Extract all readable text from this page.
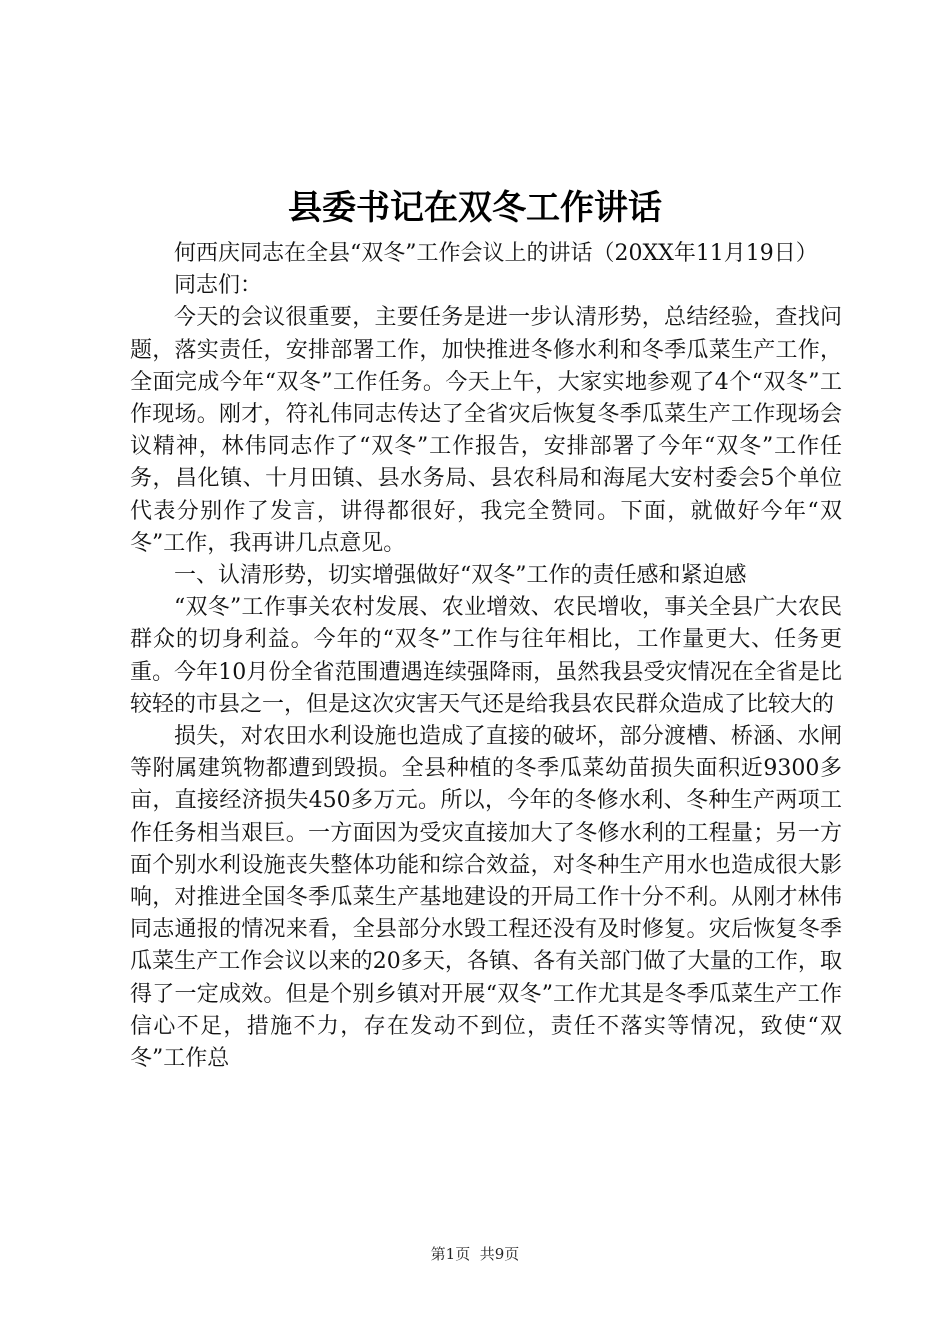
县委书记在双冬工作讲话

何西庆同志在全县“双冬”工作会议上的讲话（20XX年11月19日）

同志们：

今天的会议很重要，主要任务是进一步认清形势，总结经验，查找问题，落实责任，安排部署工作，加快推进冬修水利和冬季瓜菜生产工作，全面完成今年“双冬”工作任务。今天上午，大家实地参观了4个“双冬”工作现场。刚才，符礼伟同志传达了全省灾后恢复冬季瓜菜生产工作现场会议精神，林伟同志作了“双冬”工作报告，安排部署了今年“双冬”工作任务，昌化镇、十月田镇、县水务局、县农科局和海尾大安村委会5个单位代表分别作了发言，讲得都很好，我完全赞同。下面，就做好今年“双冬”工作，我再讲几点意见。

一、认清形势，切实增强做好“双冬”工作的责任感和紧迫感

“双冬”工作事关农村发展、农业增效、农民增收，事关全县广大农民群众的切身利益。今年的“双冬”工作与往年相比，工作量更大、任务更重。今年10月份全省范围遭遇连续强降雨，虽然我县受灾情况在全省是比较轻的市县之一，但是这次灾害天气还是给我县农民群众造成了比较大的

损失，对农田水利设施也造成了直接的破坏，部分渡槽、桥涵、水闸等附属建筑物都遭到毁损。全县种植的冬季瓜菜幼苗损失面积近9300多亩，直接经济损失450多万元。所以，今年的冬修水利、冬种生产两项工作任务相当艰巨。一方面因为受灾直接加大了冬修水利的工程量；另一方面个别水利设施丧失整体功能和综合效益，对冬种生产用水也造成很大影响，对推进全国冬季瓜菜生产基地建设的开局工作十分不利。从刚才林伟同志通报的情况来看，全县部分水毁工程还没有及时修复。灾后恢复冬季瓜菜生产工作会议以来的20多天，各镇、各有关部门做了大量的工作，取得了一定成效。但是个别乡镇对开展“双冬”工作尤其是冬季瓜菜生产工作信心不足，措施不力，存在发动不到位，责任不落实等情况，致使“双冬”工作总

第1页 共9页
